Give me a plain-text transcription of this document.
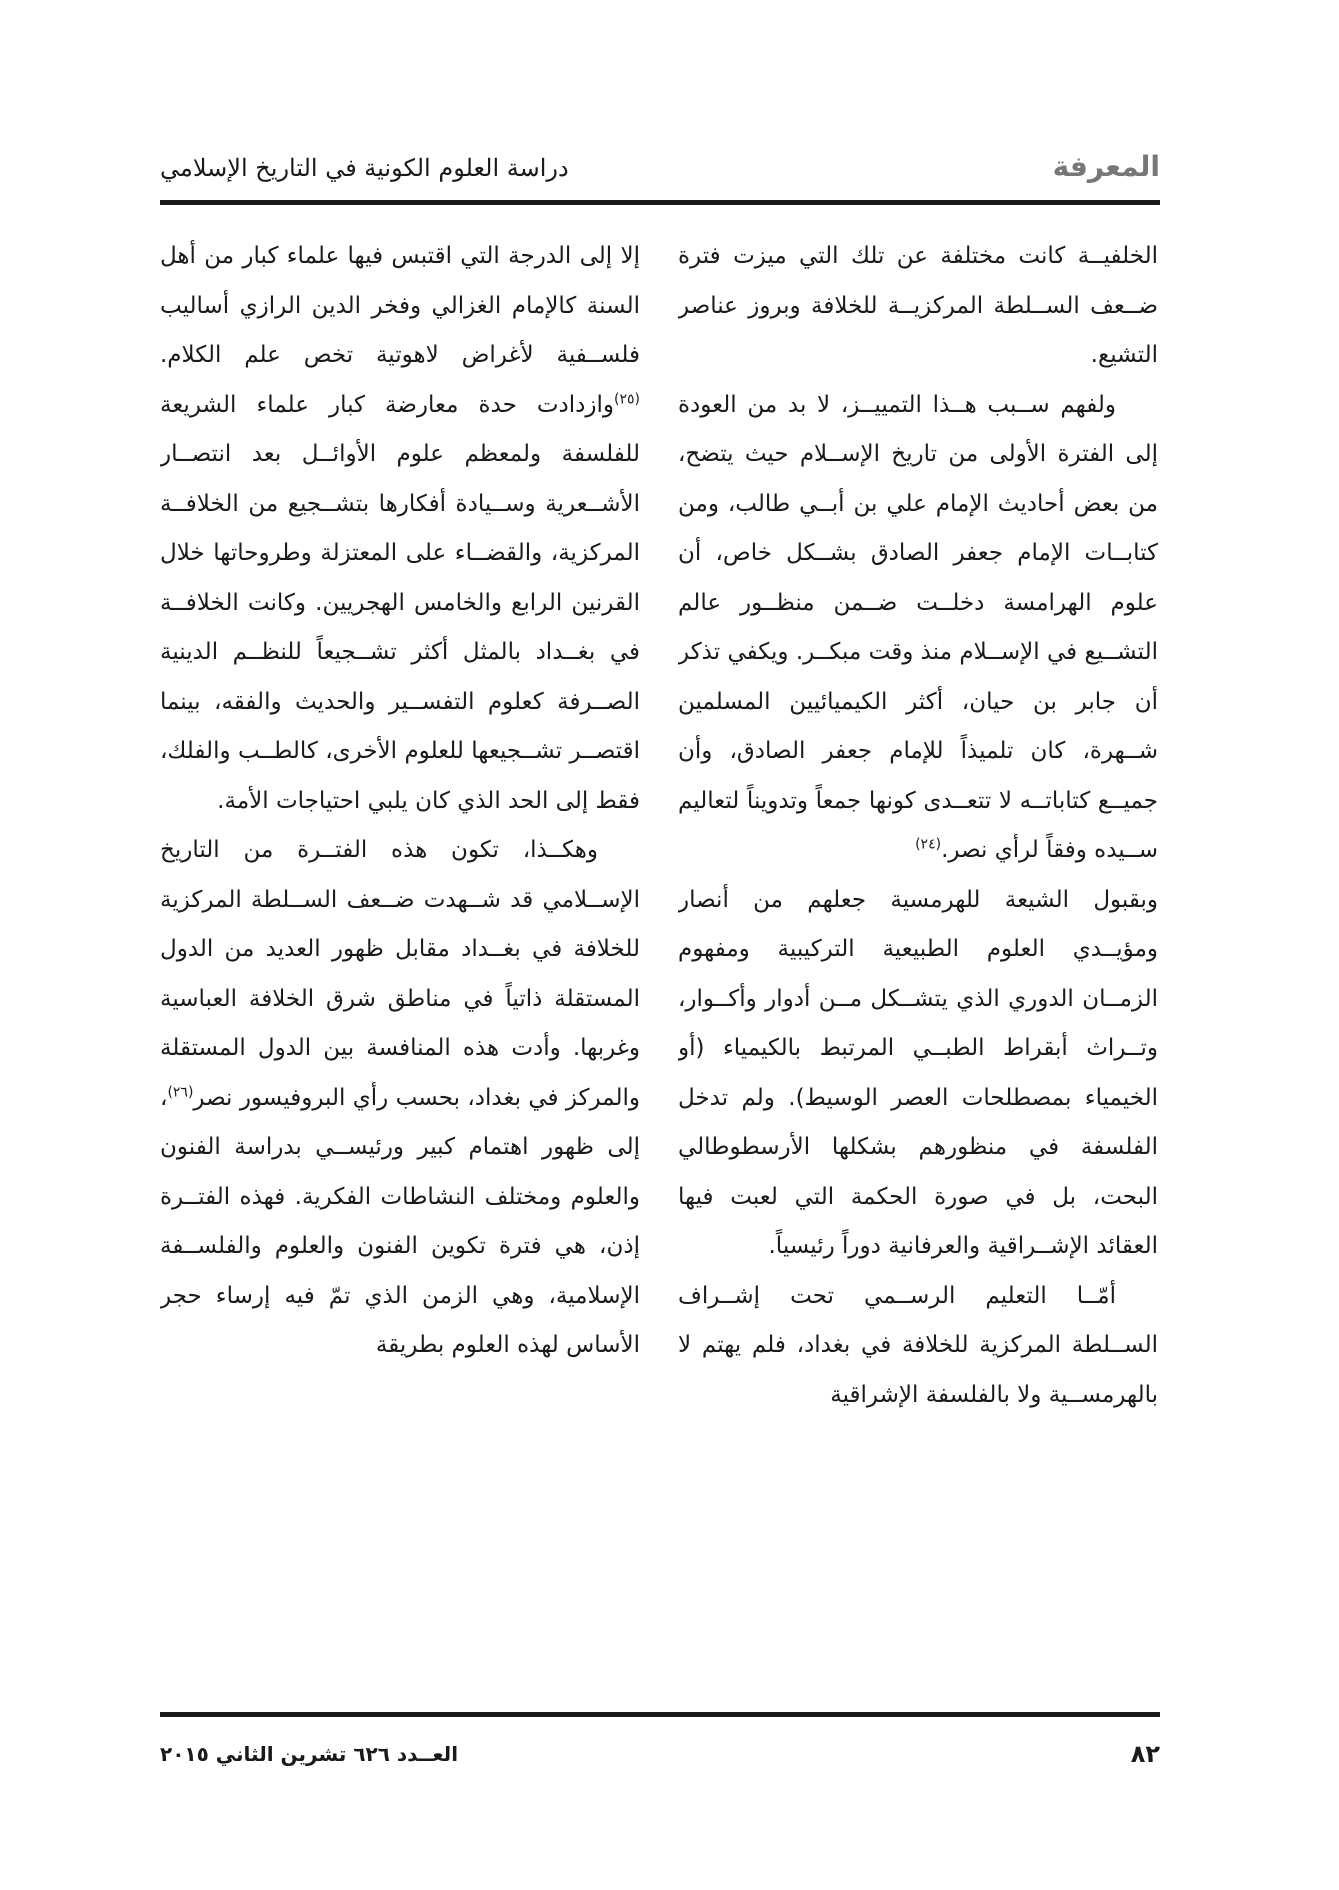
دراسة العلوم الكونية في التاريخ الإسلامي	المعرفة

الخلفيــة كانت مختلفة عن تلك التي ميزت فترة ضــعف الســلطة المركزيــة للخلافة وبروز عناصر التشيع.

ولفهم ســبب هــذا التمييــز، لا بد من العودة إلى الفترة الأولى من تاريخ الإســلام حيث يتضح، من بعض أحاديث الإمام علي بن أبــي طالب، ومن كتابــات الإمام جعفر الصادق بشــكل خاص، أن علوم الهرامسة دخلــت ضــمن منظــور عالم التشــيع في الإســلام منذ وقت مبكــر. ويكفي تذكر أن جابر بن حيان، أكثر الكيميائيين المسلمين شــهرة، كان تلميذاً للإمام جعفر الصادق، وأن جميــع كتاباتــه لا تتعــدى كونها جمعاً وتدويناً لتعاليم ســيده وفقاً لرأي نصر.$^{(٢٤)}$

وبقبول الشيعة للهرمسية جعلهم من أنصار ومؤيــدي العلوم الطبيعية التركيبية ومفهوم الزمــان الدوري الذي يتشــكل مــن أدوار وأكــوار، وتــراث أبقراط الطبــي المرتبط بالكيمياء (أو الخيمياء بمصطلحات العصر الوسيط). ولم تدخل الفلسفة في منظورهم بشكلها الأرسطوطالي البحت، بل في صورة الحكمة التي لعبت فيها العقائد الإشــراقية والعرفانية دوراً رئيسياً.

أمّــا التعليم الرســمي تحت إشــراف الســلطة المركزية للخلافة في بغداد، فلم يهتم لا بالهرمســية ولا بالفلسفة الإشراقية

إلا إلى الدرجة التي اقتبس فيها علماء كبار من أهل السنة كالإمام الغزالي وفخر الدين الرازي أساليب فلســفية لأغراض لاهوتية تخص علم الكلام.$^{(٢٥)}$وازدادت حدة معارضة كبار علماء الشريعة للفلسفة ولمعظم علوم الأوائــل بعد انتصــار الأشــعرية وســيادة أفكارها بتشــجيع من الخلافــة المركزية، والقضــاء على المعتزلة وطروحاتها خلال القرنين الرابع والخامس الهجريين. وكانت الخلافــة في بغــداد بالمثل أكثر تشــجيعاً للنظــم الدينية الصــرفة كعلوم التفســير والحديث والفقه، بينما اقتصــر تشــجيعها للعلوم الأخرى، كالطــب والفلك، فقط إلى الحد الذي كان يلبي احتياجات الأمة.

وهكــذا، تكون هذه الفتــرة من التاريخ الإســلامي قد شــهدت ضــعف الســلطة المركزية للخلافة في بغــداد مقابل ظهور العديد من الدول المستقلة ذاتياً في مناطق شرق الخلافة العباسية وغربها. وأدت هذه المنافسة بين الدول المستقلة والمركز في بغداد، بحسب رأي البروفيسور نصر$^{(٢٦)}$، إلى ظهور اهتمام كبير ورئيســي بدراسة الفنون والعلوم ومختلف النشاطات الفكرية. فهذه الفتــرة إذن، هي فترة تكوين الفنون والعلوم والفلســفة الإسلامية، وهي الزمن الذي تمّ فيه إرساء حجر الأساس لهذه العلوم بطريقة

٨٢
العــدد ٦٢٦ تشرين الثاني ٢٠١٥
